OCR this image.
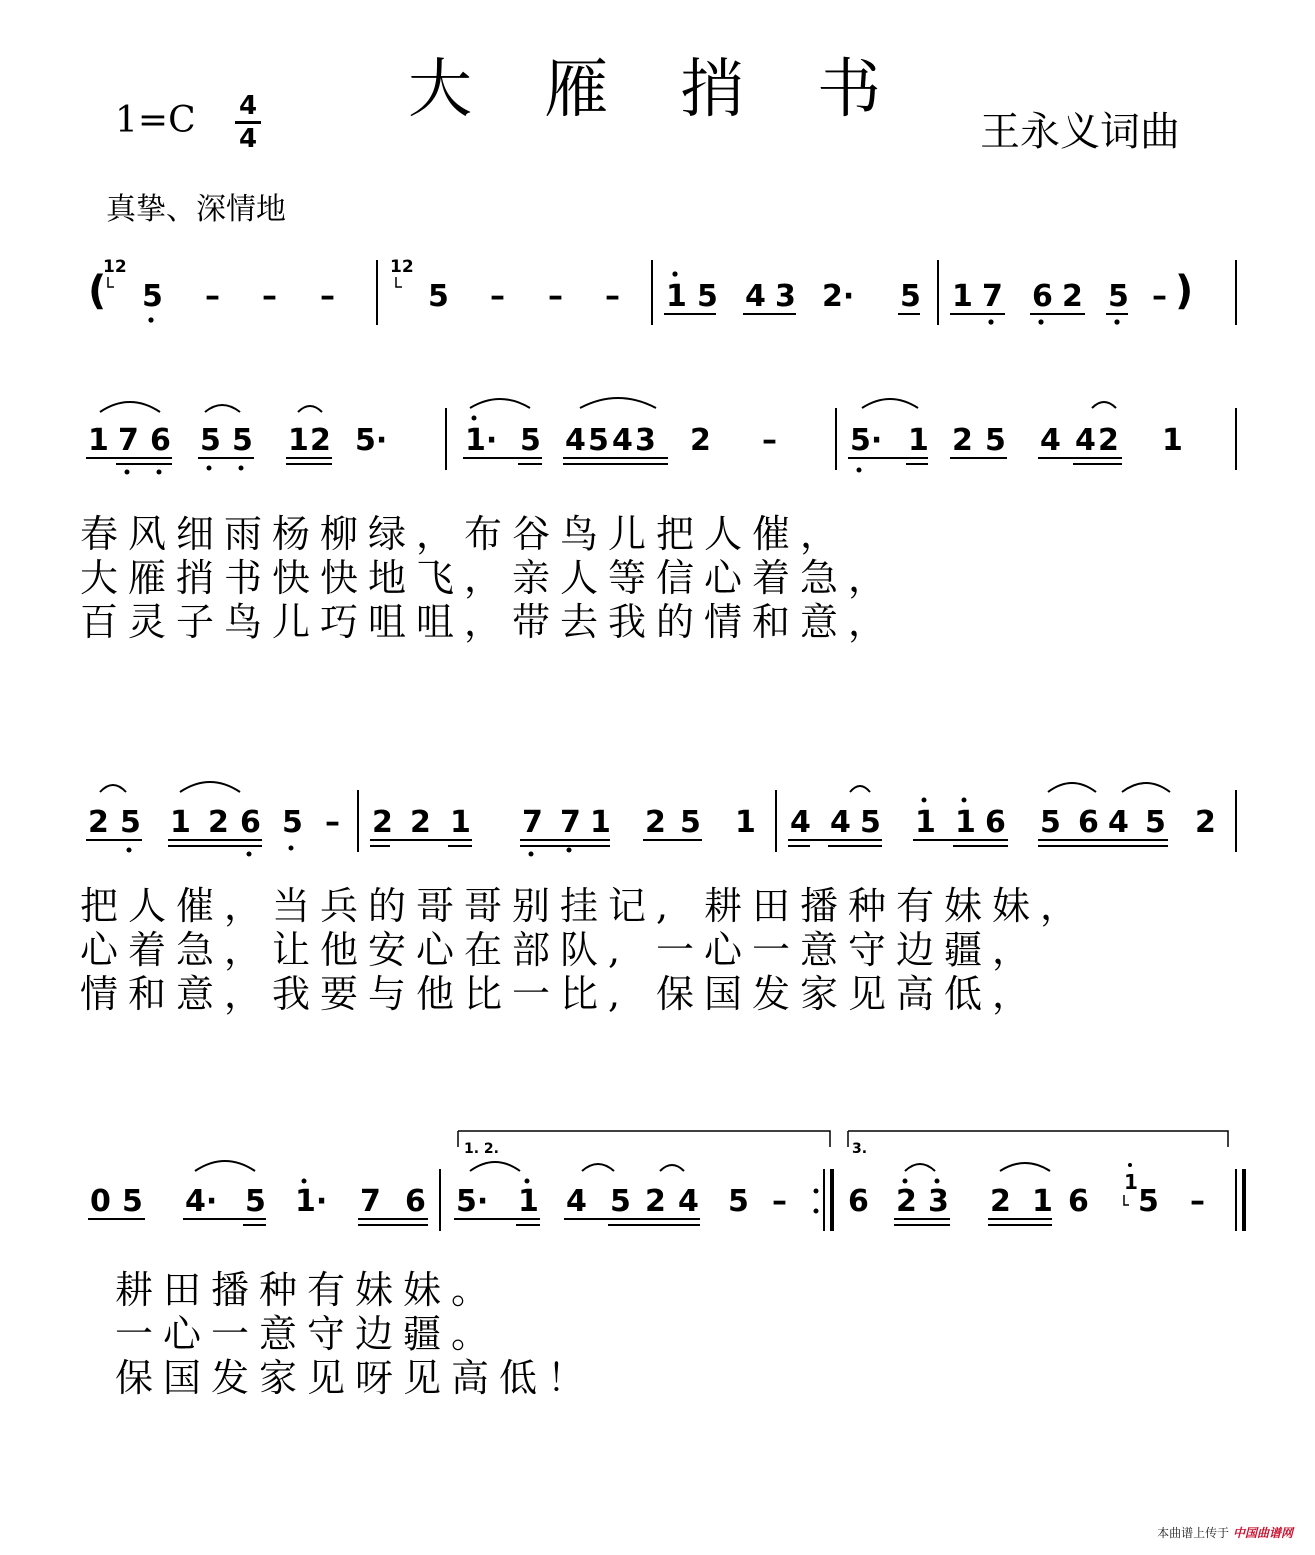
大 雁 捎 书
1=C 4
4	王永义词曲
真挚、深情地
(
12
5 – – –
12
5 – – – 1 5 4 3 2· 5 1 7 6 2 5 – )
1 7 6 5 5 1 2 5·	1· 5 4 5 4 3 2 – 5· 1 2 5 4 4 2 1
春 风 细 雨 杨 柳 绿 ， 布 谷 鸟 儿 把 人 催 ，
大 雁 捎 书 快 快 地 飞 ， 亲 人 等 信 心 着 急 ，
百 灵 子 鸟 儿 巧 咀 咀 ， 带 去 我 的 情 和 意 ，
2 5 1 2 6 5 – 2 2 1 7 7 1 2 5 1 4 4 5 1 1 6 5 6 4 5 2
把 人 催 ， 当 兵 的 哥 哥 别 挂 记 , 耕 田 播 种 有 妹 妹 ，
心 着 急 ， 让 他 安 心 在 部 队 , 一 心 一 意 守 边 疆 ，
情 和 意 ， 我 要 与 他 比 一 比 , 保 国 发 家 见 高 低 ，
1. 2.	3.
0 5 4· 5 1· 7 6 5· 1 4 5 2 4 5 – 6 2 3 2 1 6
1
5 –
耕 田 播 种 有 妹 妹 。
一 心 一 意 守 边 疆 。
保 国 发 家 见 呀 见 高 低 ！
本曲谱上传于 中国曲谱网
